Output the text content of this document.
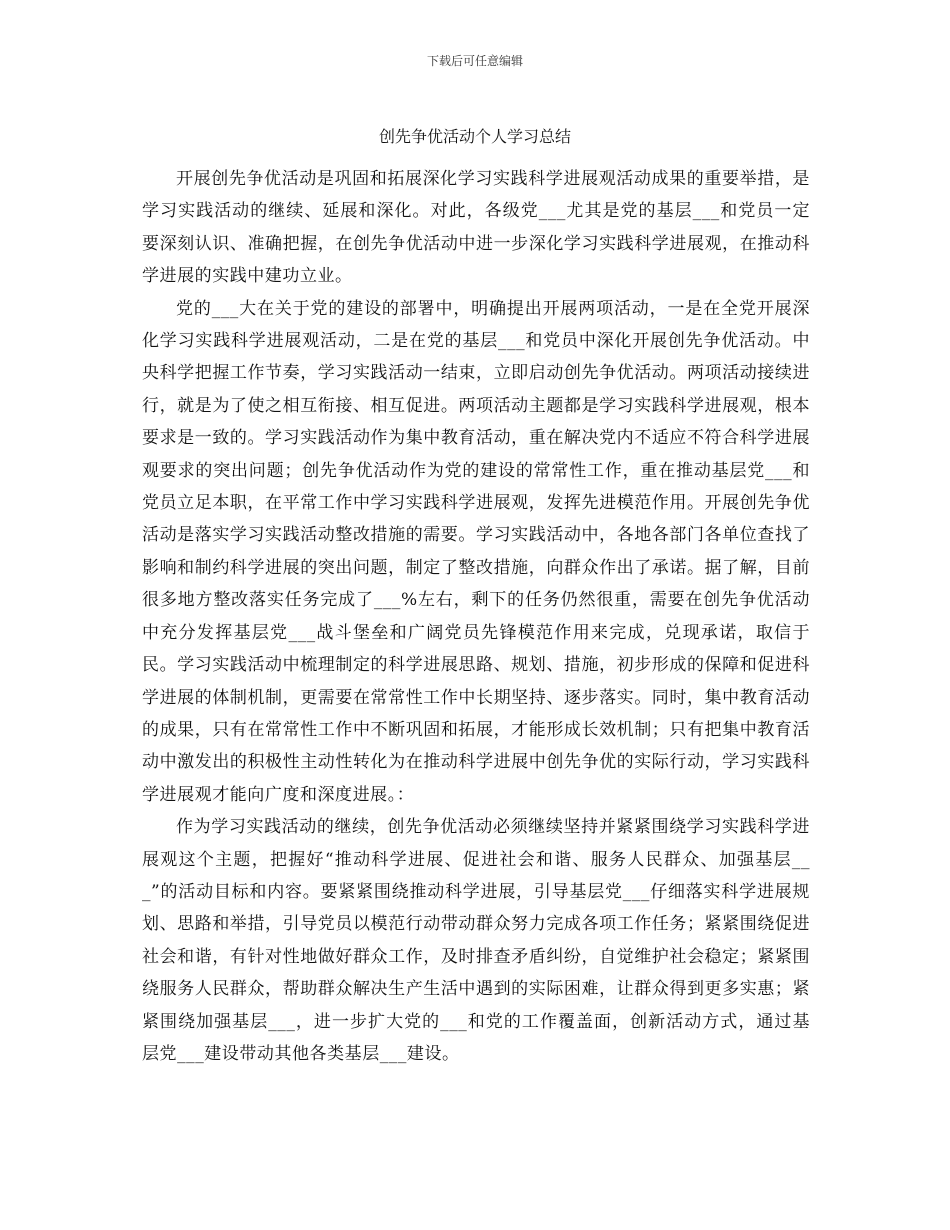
下载后可任意编辑
创先争优活动个人学习总结

开展创先争优活动是巩固和拓展深化学习实践科学进展观活动成果的重要举措，是学习实践活动的继续、延展和深化。对此，各级党___尤其是党的基层___和党员一定要深刻认识、准确把握，在创先争优活动中进一步深化学习实践科学进展观，在推动科学进展的实践中建功立业。

党的___大在关于党的建设的部署中，明确提出开展两项活动，一是在全党开展深化学习实践科学进展观活动，二是在党的基层___和党员中深化开展创先争优活动。中央科学把握工作节奏，学习实践活动一结束，立即启动创先争优活动。两项活动接续进行，就是为了使之相互衔接、相互促进。两项活动主题都是学习实践科学进展观，根本要求是一致的。学习实践活动作为集中教育活动，重在解决党内不适应不符合科学进展观要求的突出问题；创先争优活动作为党的建设的常常性工作，重在推动基层党___和党员立足本职，在平常工作中学习实践科学进展观，发挥先进模范作用。开展创先争优活动是落实学习实践活动整改措施的需要。学习实践活动中，各地各部门各单位查找了影响和制约科学进展的突出问题，制定了整改措施，向群众作出了承诺。据了解，目前很多地方整改落实任务完成了___%左右，剩下的任务仍然很重，需要在创先争优活动中充分发挥基层党___战斗堡垒和广阔党员先锋模范作用来完成，兑现承诺，取信于民。学习实践活动中梳理制定的科学进展思路、规划、措施，初步形成的保障和促进科学进展的体制机制，更需要在常常性工作中长期坚持、逐步落实。同时，集中教育活动的成果，只有在常常性工作中不断巩固和拓展，才能形成长效机制；只有把集中教育活动中激发出的积极性主动性转化为在推动科学进展中创先争优的实际行动，学习实践科学进展观才能向广度和深度进展。：

作为学习实践活动的继续，创先争优活动必须继续坚持并紧紧围绕学习实践科学进展观这个主题，把握好“推动科学进展、促进社会和谐、服务人民群众、加强基层___”的活动目标和内容。要紧紧围绕推动科学进展，引导基层党___仔细落实科学进展规划、思路和举措，引导党员以模范行动带动群众努力完成各项工作任务；紧紧围绕促进社会和谐，有针对性地做好群众工作，及时排查矛盾纠纷，自觉维护社会稳定；紧紧围绕服务人民群众，帮助群众解决生产生活中遇到的实际困难，让群众得到更多实惠；紧紧围绕加强基层___，进一步扩大党的___和党的工作覆盖面，创新活动方式，通过基层党___建设带动其他各类基层___建设。
